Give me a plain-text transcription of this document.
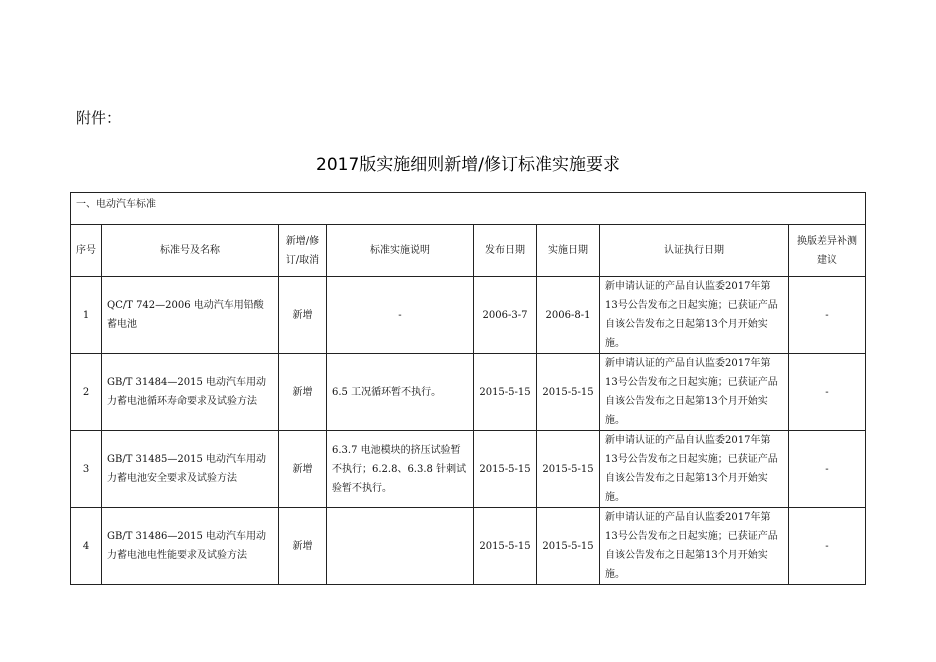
附件：
2017版实施细则新增/修订标准实施要求
一、电动汽车标准							
序号	标准号及名称	新增/修订/取消	标准实施说明	发布日期	实施日期	认证执行日期	换版差异补测建议
1	QC/T 742—2006 电动汽车用铅酸蓄电池	新增	-	2006-3-7	2006-8-1	新申请认证的产品自认监委2017年第13号公告发布之日起实施；已获证产品自该公告发布之日起第13个月开始实施。	-
2	GB/T 31484—2015 电动汽车用动力蓄电池循环寿命要求及试验方法	新增	6.5 工况循环暂不执行。	2015-5-15	2015-5-15	新申请认证的产品自认监委2017年第13号公告发布之日起实施；已获证产品自该公告发布之日起第13个月开始实施。	-
3	GB/T 31485—2015 电动汽车用动力蓄电池安全要求及试验方法	新增	6.3.7 电池模块的挤压试验暂不执行；6.2.8、6.3.8 针刺试验暂不执行。	2015-5-15	2015-5-15	新申请认证的产品自认监委2017年第13号公告发布之日起实施；已获证产品自该公告发布之日起第13个月开始实施。	-
4	GB/T 31486—2015 电动汽车用动力蓄电池电性能要求及试验方法	新增		2015-5-15	2015-5-15	新申请认证的产品自认监委2017年第13号公告发布之日起实施；已获证产品自该公告发布之日起第13个月开始实施。	-
